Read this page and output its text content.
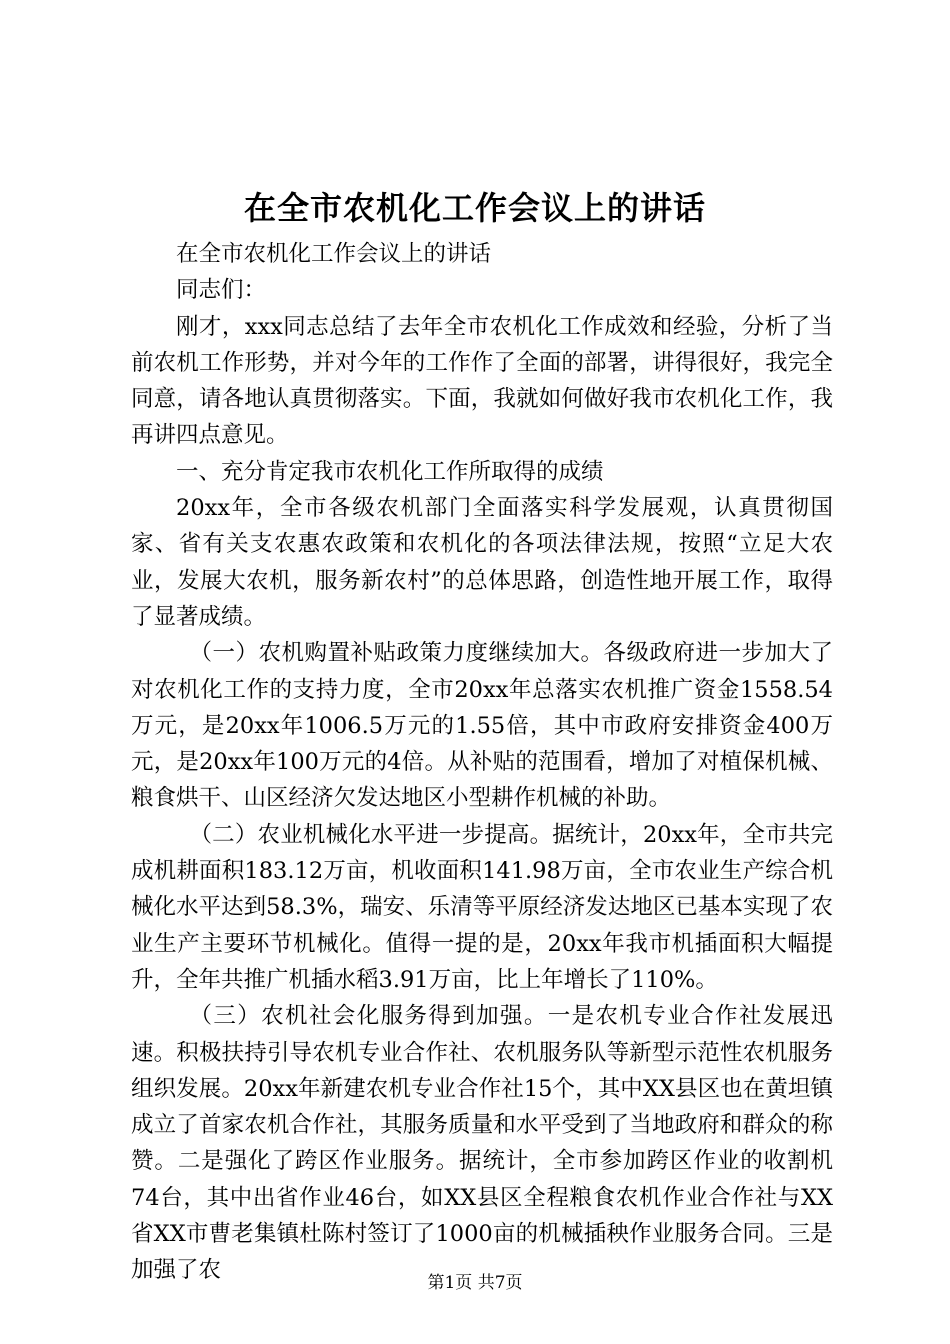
在全市农机化工作会议上的讲话

在全市农机化工作会议上的讲话

同志们：

刚才，xxx同志总结了去年全市农机化工作成效和经验，分析了当前农机工作形势，并对今年的工作作了全面的部署，讲得很好，我完全同意，请各地认真贯彻落实。下面，我就如何做好我市农机化工作，我再讲四点意见。

一、充分肯定我市农机化工作所取得的成绩

20xx年，全市各级农机部门全面落实科学发展观，认真贯彻国家、省有关支农惠农政策和农机化的各项法律法规，按照“立足大农业，发展大农机，服务新农村”的总体思路，创造性地开展工作，取得了显著成绩。

（一）农机购置补贴政策力度继续加大。各级政府进一步加大了对农机化工作的支持力度，全市20xx年总落实农机推广资金1558.54万元，是20xx年1006.5万元的1.55倍，其中市政府安排资金400万元，是20xx年100万元的4倍。从补贴的范围看，增加了对植保机械、粮食烘干、山区经济欠发达地区小型耕作机械的补助。

（二）农业机械化水平进一步提高。据统计，20xx年，全市共完成机耕面积183.12万亩，机收面积141.98万亩，全市农业生产综合机械化水平达到58.3%，瑞安、乐清等平原经济发达地区已基本实现了农业生产主要环节机械化。值得一提的是，20xx年我市机插面积大幅提升，全年共推广机插水稻3.91万亩，比上年增长了110%。

（三）农机社会化服务得到加强。一是农机专业合作社发展迅速。积极扶持引导农机专业合作社、农机服务队等新型示范性农机服务组织发展。20xx年新建农机专业合作社15个，其中XX县区也在黄坦镇成立了首家农机合作社，其服务质量和水平受到了当地政府和群众的称赞。二是强化了跨区作业服务。据统计，全市参加跨区作业的收割机74台，其中出省作业46台，如XX县区全程粮食农机作业合作社与XX省XX市曹老集镇杜陈村签订了1000亩的机械插秧作业服务合同。三是加强了农	第1页 共7页
